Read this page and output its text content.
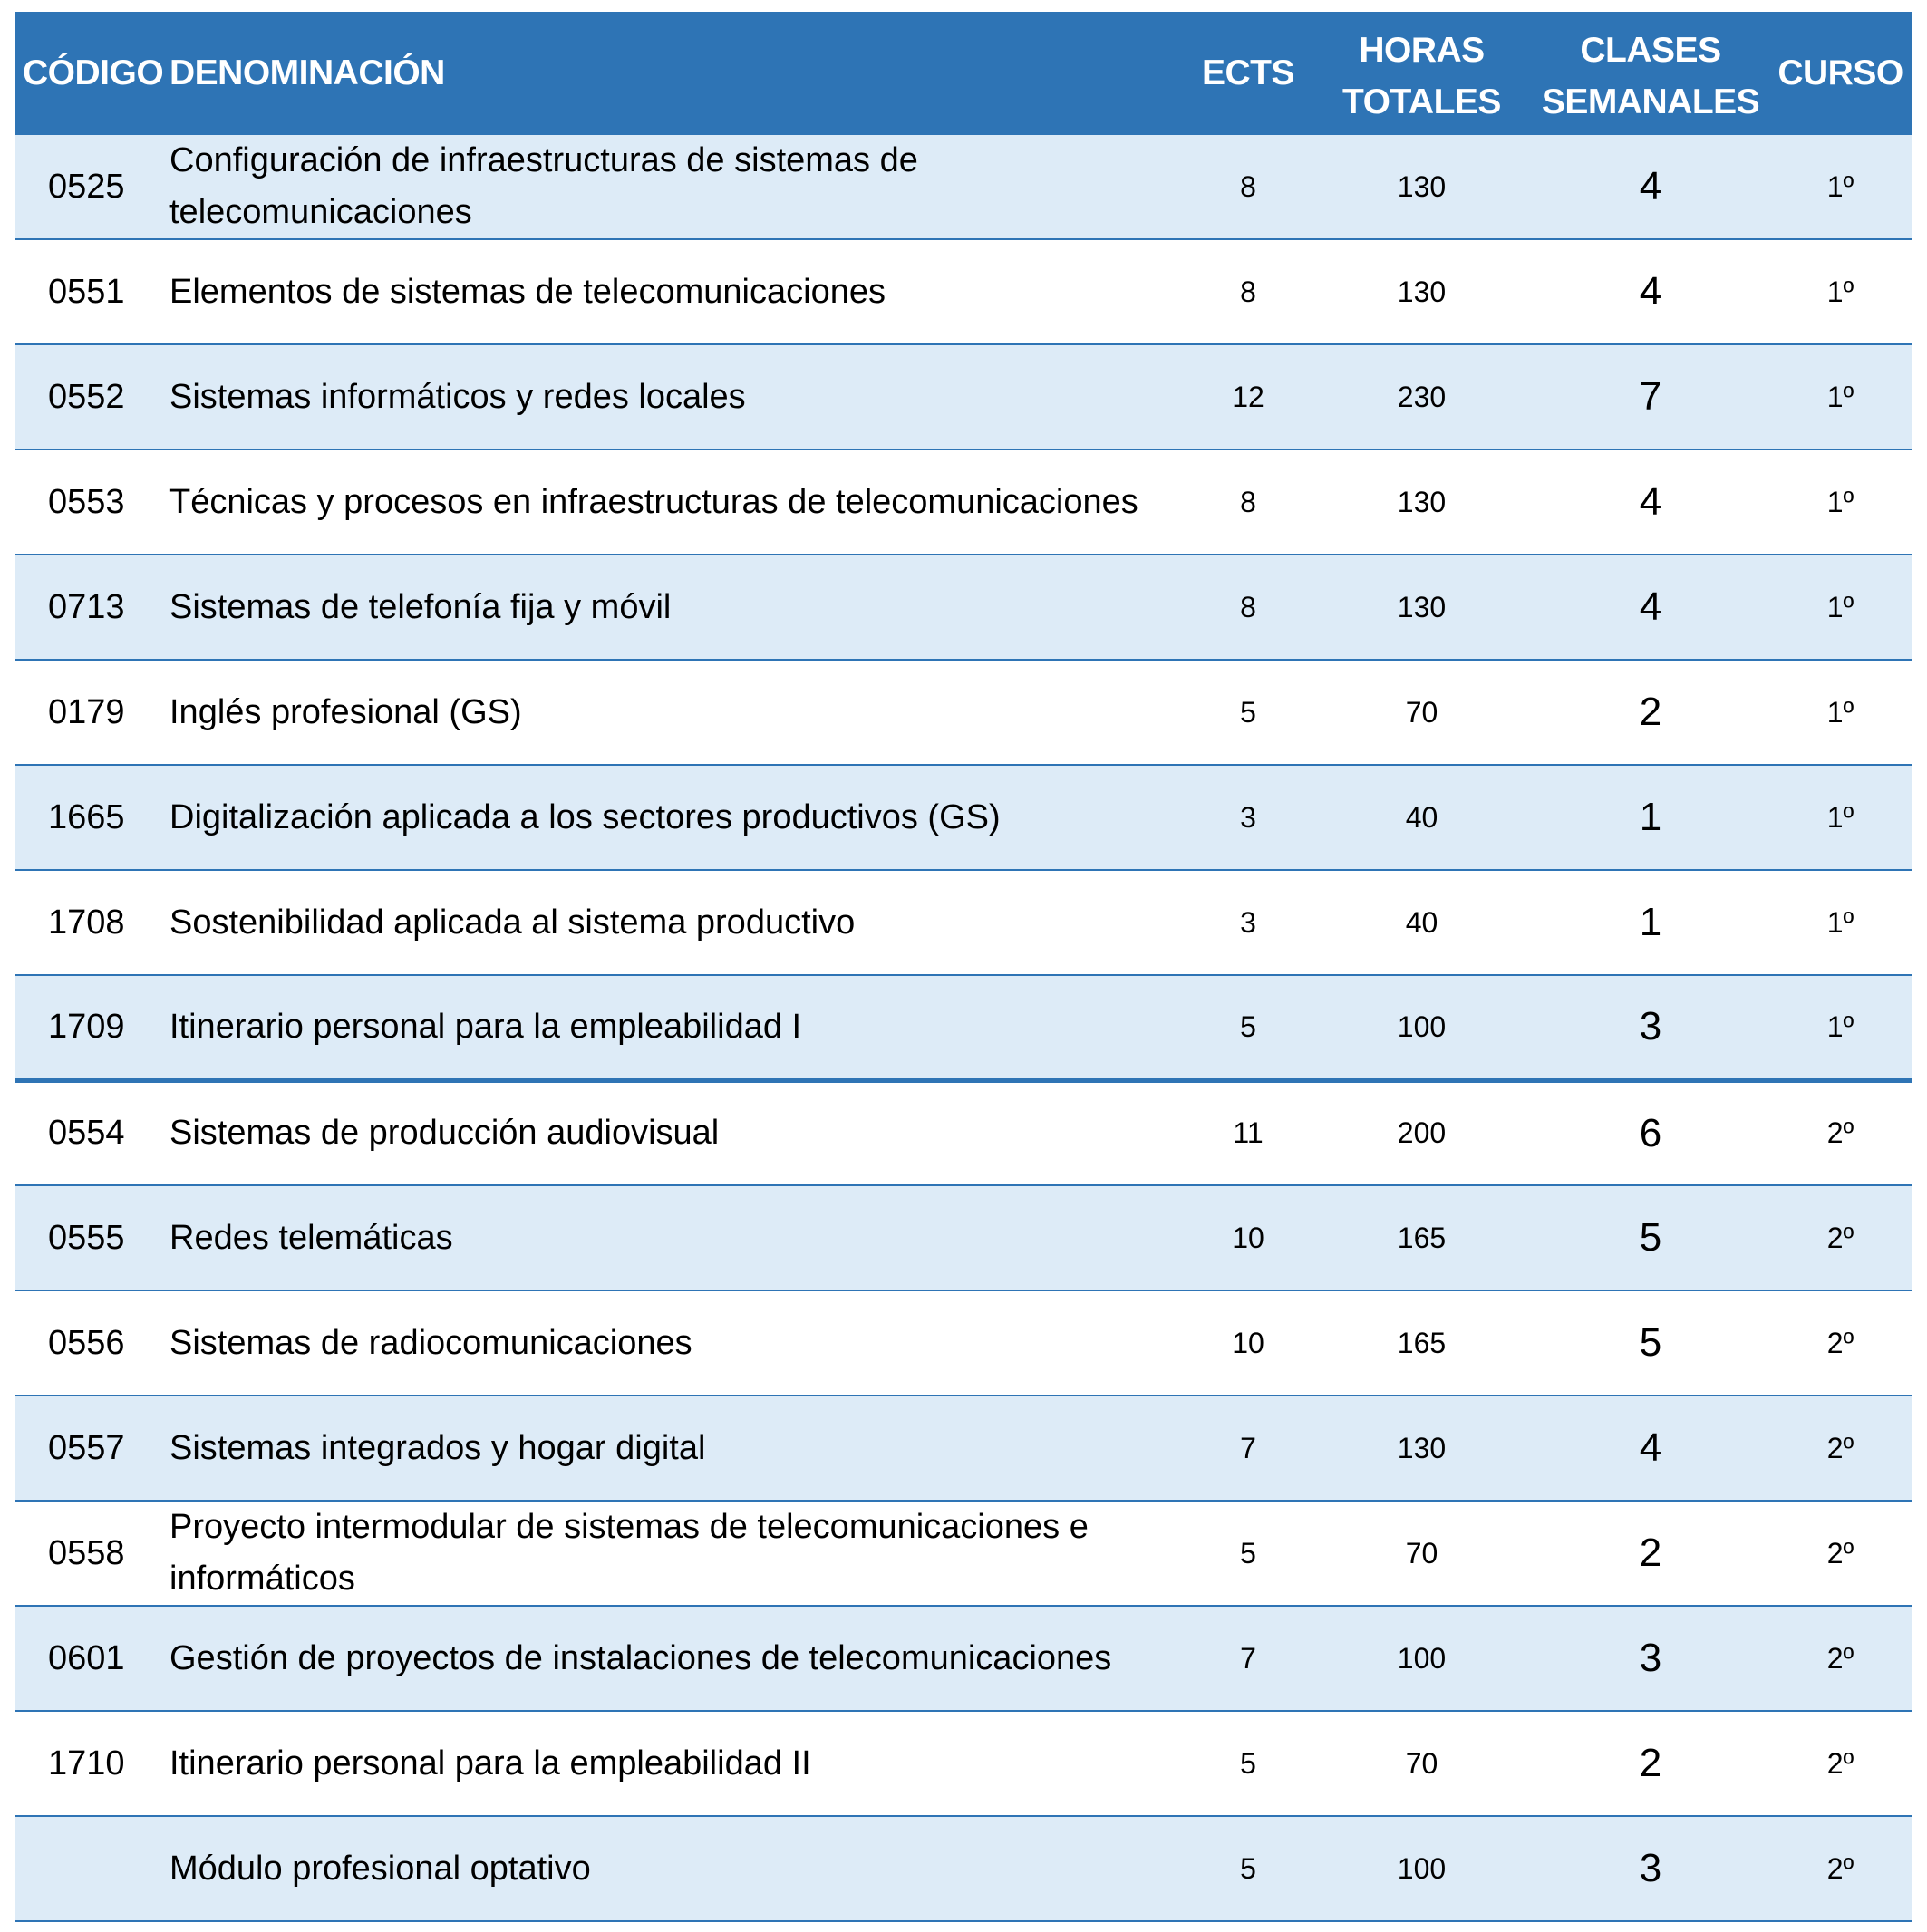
CÓDIGO	DENOMINACIÓN	ECTS	HORAS TOTALES	CLASES SEMANALES	CURSO
0525	Configuración de infraestructuras de sistemas de telecomunicaciones	8	130	4	1º
0551	Elementos de sistemas de telecomunicaciones	8	130	4	1º
0552	Sistemas informáticos y redes locales	12	230	7	1º
0553	Técnicas y procesos en infraestructuras de telecomunicaciones	8	130	4	1º
0713	Sistemas de telefonía fija y móvil	8	130	4	1º
0179	Inglés profesional (GS)	5	70	2	1º
1665	Digitalización aplicada a los sectores productivos (GS)	3	40	1	1º
1708	Sostenibilidad aplicada al sistema productivo	3	40	1	1º
1709	Itinerario personal para la empleabilidad I	5	100	3	1º
0554	Sistemas de producción audiovisual	11	200	6	2º
0555	Redes telemáticas	10	165	5	2º
0556	Sistemas de radiocomunicaciones	10	165	5	2º
0557	Sistemas integrados y hogar digital	7	130	4	2º
0558	Proyecto intermodular de sistemas de telecomunicaciones e informáticos	5	70	2	2º
0601	Gestión de proyectos de instalaciones de telecomunicaciones	7	100	3	2º
1710	Itinerario personal para la empleabilidad II	5	70	2	2º
	Módulo profesional optativo	5	100	3	2º
